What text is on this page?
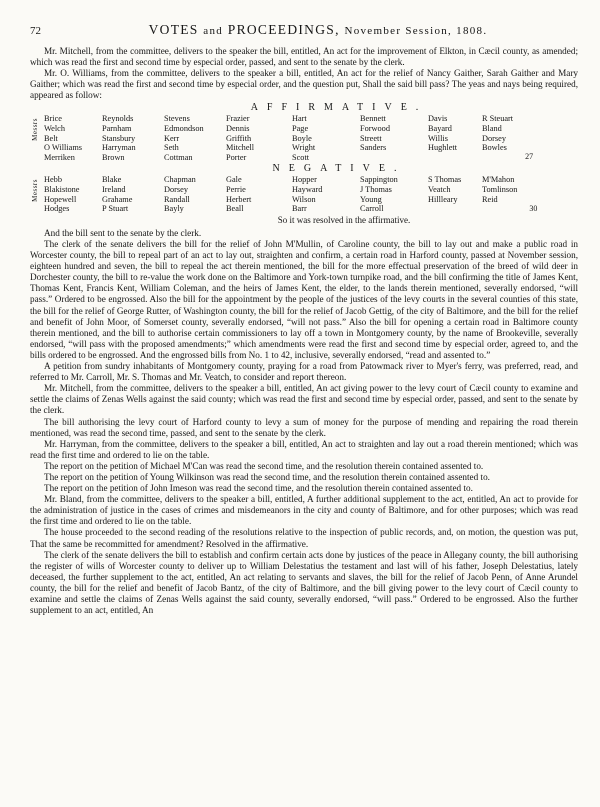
72	VOTES and PROCEEDINGS, November Session, 1808.

Mr. Mitchell, from the committee, delivers to the speaker the bill, entitled, An act for the improvement of Elkton, in Cæcil county, as amended; which was read the first and second time by especial order, passed, and sent to the senate by the clerk.

Mr. O. Williams, from the committee, delivers to the speaker a bill, entitled, An act for the relief of Nancy Gaither, Sarah Gaither and Mary Gaither; which was read the first and second time by especial order, and the question put, Shall the said bill pass? The yeas and nays being required, appeared as follow:

AFFIRMATIVE.
Messrs Brice
Welch
Belt
O Williams
Merriken
Reynolds
Parnham
Stansbury
Harryman
Brown
Stevens
Edmondson
Kerr
Seth
Cottman
Frazier
Dennis
Griffith
Mitchell
Porter
Hart
Page
Boyle
Wright
Scott
Bennett
Forwood
Streett
Sanders
Davis
Bayard
Willis
Hughlett
R Steuart
Bland
Dorsey
Bowles
27
NEGATIVE.
Messrs Hebb
Blakistone
Hopewell
Hodges
Blake
Ireland
Grahame
P Stuart
Chapman
Dorsey
Randall
Bayly
Gale
Perrie
Herbert
Beall
Hopper
Hayward
Wilson
Barr
Sappington
J Thomas
Young
Carroll
S Thomas
Veatch
Hillleary
M'Mahon
Tomlinson
Reid
30
So it was resolved in the affirmative.

And the bill sent to the senate by the clerk.

The clerk of the senate delivers the bill for the relief of John M'Mullin, of Caroline county, the bill to lay out and make a public road in Worcester county, the bill to repeal part of an act to lay out, straighten and confirm, a certain road in Harford county, passed at November session, eighteen hundred and seven, the bill to repeal the act therein mentioned, the bill for the more effectual preservation of the breed of wild deer in Dorchester county, the bill to re-value the work done on the Baltimore and York-town turnpike road, and the bill confirming the title of James Kent, Thomas Kent, Francis Kent, William Coleman, and the heirs of James Kent, the elder, to the lands therein mentioned, severally endorsed, “will pass.” Ordered to be engrossed. Also the bill for the appointment by the people of the justices of the levy courts in the several counties of this state, the bill for the relief of George Rutter, of Washington county, the bill for the relief of Jacob Gettig, of the city of Baltimore, and the bill for the relief and benefit of John Moor, of Somerset county, severally endorsed, “will not pass.” Also the bill for opening a certain road in Baltimore county therein mentioned, and the bill to authorise certain commissioners to lay off a town in Montgomery county, by the name of Brookeville, severally endorsed, “will pass with the proposed amendments;” which amendments were read the first and second time by especial order, agreed to, and the bills ordered to be engrossed. And the engrossed bills from No. 1 to 42, inclusive, severally endorsed, “read and assented to.”

A petition from sundry inhabitants of Montgomery county, praying for a road from Patowmack river to Myer's ferry, was preferred, read, and referred to Mr. Carroll, Mr. S. Thomas and Mr. Veatch, to consider and report thereon.

Mr. Mitchell, from the committee, delivers to the speaker a bill, entitled, An act giving power to the levy court of Cæcil county to examine and settle the claims of Zenas Wells against the said county; which was read the first and second time by especial order, passed, and sent to the senate by the clerk.

The bill authorising the levy court of Harford county to levy a sum of money for the purpose of mending and repairing the road therein mentioned, was read the second time, passed, and sent to the senate by the clerk.

Mr. Harryman, from the committee, delivers to the speaker a bill, entitled, An act to straighten and lay out a road therein mentioned; which was read the first time and ordered to lie on the table.

The report on the petition of Michael M'Can was read the second time, and the resolution therein contained assented to.

The report on the petition of Young Wilkinson was read the second time, and the resolution therein contained assented to.

The report on the petition of John Imeson was read the second time, and the resolution therein contained assented to.

Mr. Bland, from the committee, delivers to the speaker a bill, entitled, A further additional supplement to the act, entitled, An act to provide for the administration of justice in the cases of crimes and misdemeanors in the city and county of Baltimore, and for other purposes; which was read the first time and ordered to lie on the table.

The house proceeded to the second reading of the resolutions relative to the inspection of public records, and, on motion, the question was put, That the same be recommitted for amendment? Resolved in the affirmative.

The clerk of the senate delivers the bill to establish and confirm certain acts done by justices of the peace in Allegany county, the bill authorising the register of wills of Worcester county to deliver up to William Delestatius the testament and last will of his father, Joseph Delestatius, lately deceased, the further supplement to the act, entitled, An act relating to servants and slaves, the bill for the relief of Jacob Penn, of Anne Arundel county, the bill for the relief and benefit of Jacob Bantz, of the city of Baltimore, and the bill giving power to the levy court of Cæcil county to examine and settle the claims of Zenas Wells against the said county, severally endorsed, “will pass.” Ordered to be engrossed. Also the further supplement to an act, entitled, An
